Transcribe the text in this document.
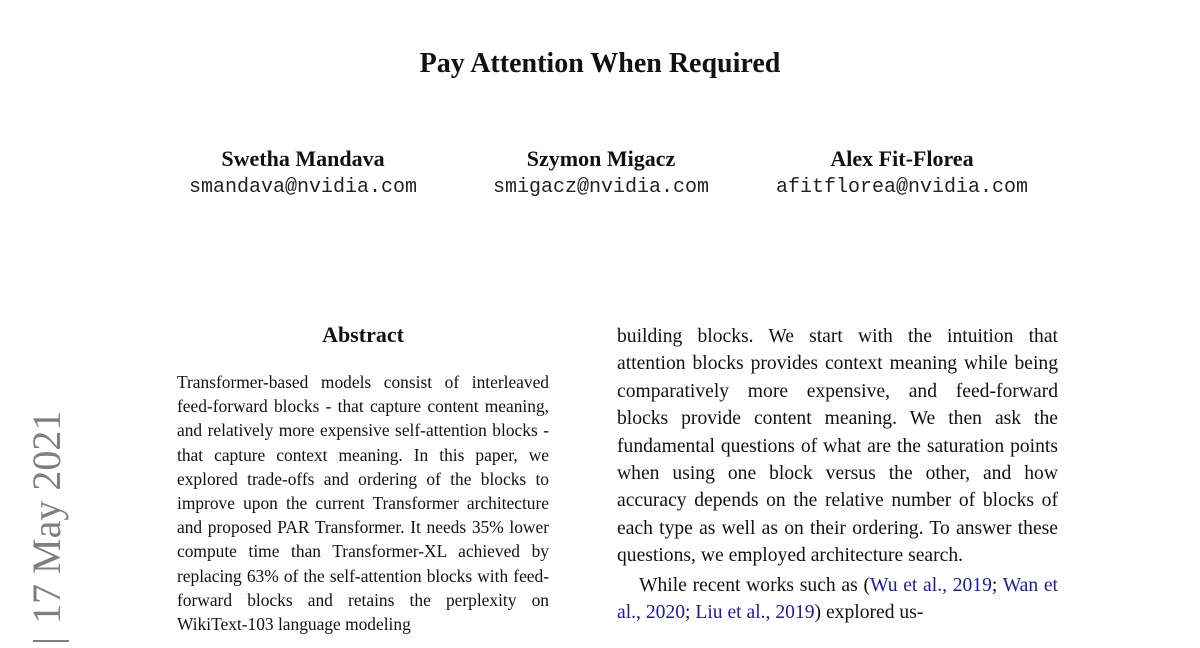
Pay Attention When Required
Swetha Mandava
smandava@nvidia.com
Szymon Migacz
smigacz@nvidia.com
Alex Fit-Florea
afitflorea@nvidia.com
17 May 2021
Abstract
Transformer-based models consist of interleaved feed-forward blocks - that capture content meaning, and relatively more expensive self-attention blocks - that capture context meaning. In this paper, we explored trade-offs and ordering of the blocks to improve upon the current Transformer architecture and proposed PAR Transformer. It needs 35% lower compute time than Transformer-XL achieved by replacing 63% of the self-attention blocks with feed-forward blocks and retains the perplexity on WikiText-103 language modeling

building blocks. We start with the intuition that attention blocks provides context meaning while being comparatively more expensive, and feed-forward blocks provide content meaning. We then ask the fundamental questions of what are the saturation points when using one block versus the other, and how accuracy depends on the relative number of blocks of each type as well as on their ordering. To answer these questions, we employed architecture search.

While recent works such as (Wu et al., 2019; Wan et al., 2020; Liu et al., 2019) explored us-
